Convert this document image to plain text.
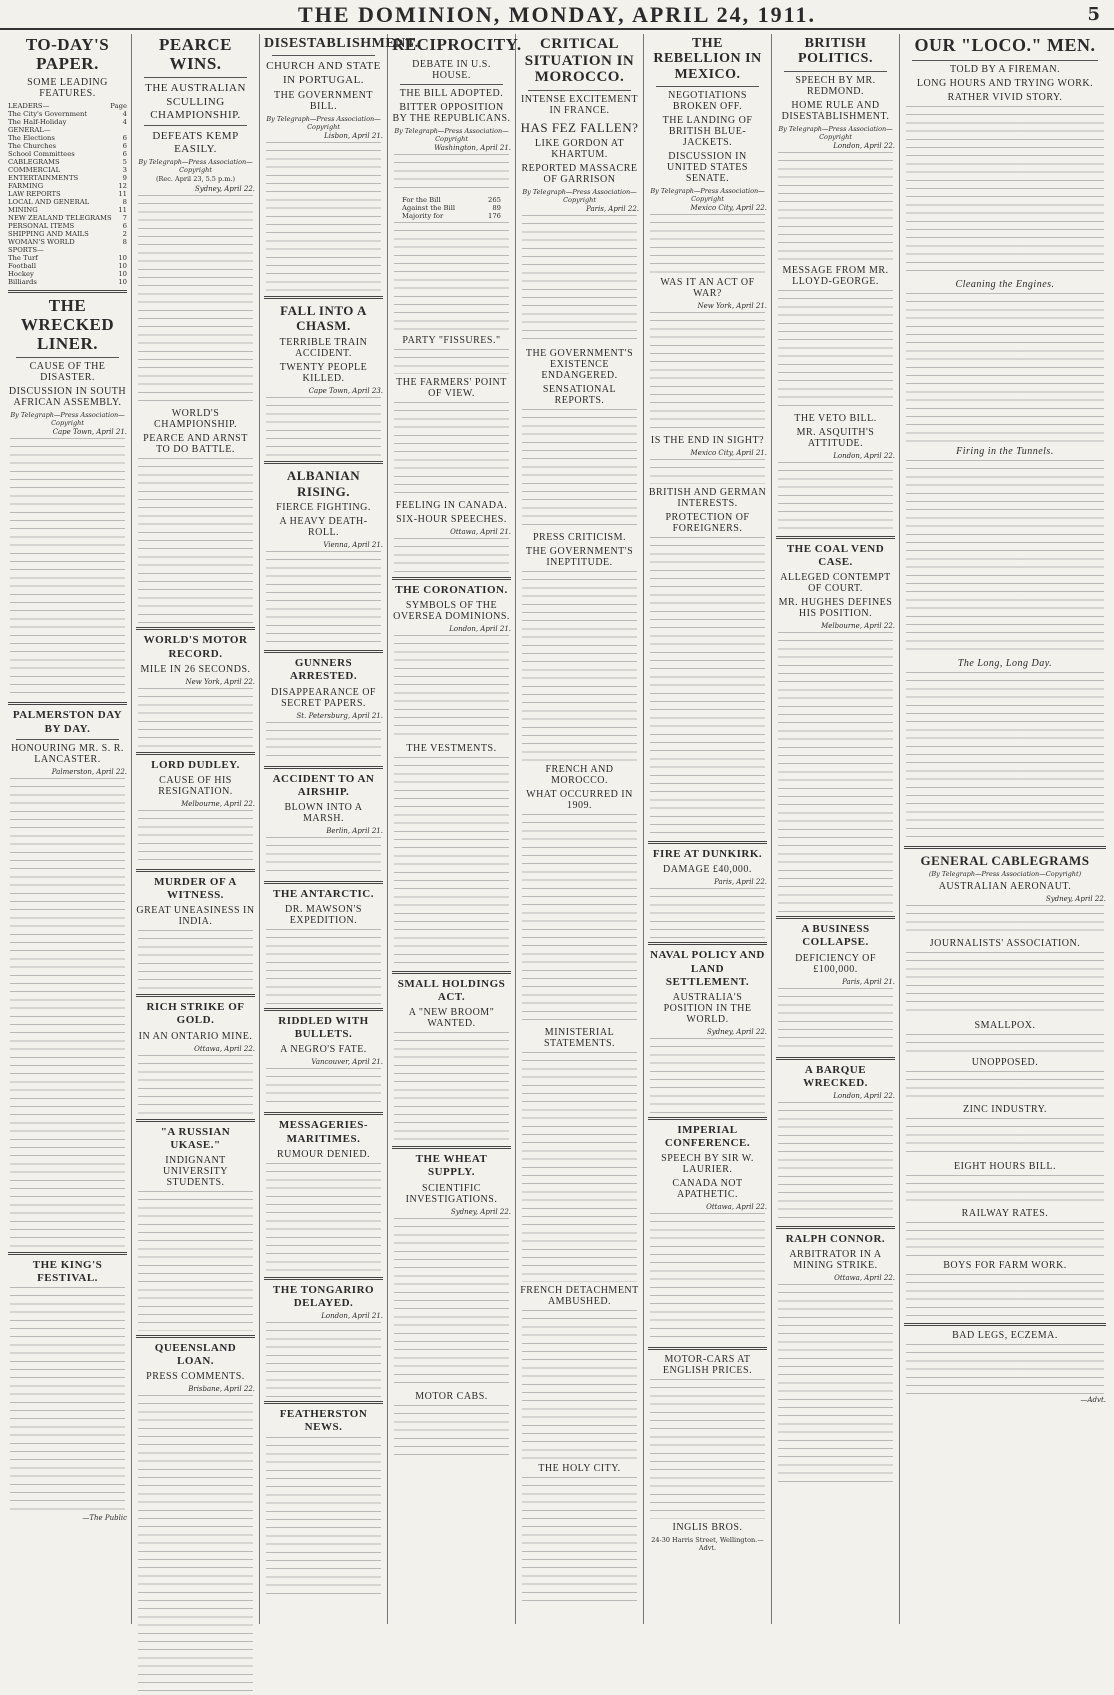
THE DOMINION, MONDAY, APRIL 24, 1911.	5
TO-DAY'S PAPER.
SOME LEADING FEATURES.
LEADERS—	Page
The City's Government	4
The Half-Holiday	4
GENERAL—
The Elections	6
The Churches	6
School Committees	6
CABLEGRAMS	5
COMMERCIAL	3
ENTERTAINMENTS	9
FARMING	12
LAW REPORTS	11
LOCAL AND GENERAL	8
MINING	11
NEW ZEALAND TELEGRAMS 7
PERSONAL ITEMS	6
SHIPPING AND MAILS	2
WOMAN'S WORLD	8
SPORTS—
The Turf	10
Football	10
Hockey	10
Billiards	10
THE WRECKED LINER.
CAUSE OF THE DISASTER.
DISCUSSION IN SOUTH AFRICAN ASSEMBLY.
By Telegraph—Press Association—Copyright
Cape Town, April 21.
PALMERSTON DAY BY DAY.
HONOURING MR. S. R. LANCASTER.
Palmerston, April 22.
THE KING'S FESTIVAL.
—The Public
PEARCE WINS.
THE AUSTRALIAN SCULLING CHAMPIONSHIP.
DEFEATS KEMP EASILY.
By Telegraph—Press Association—Copyright
(Rec. April 23, 5.5 p.m.)
Sydney, April 22.
WORLD'S CHAMPIONSHIP.
PEARCE AND ARNST TO DO BATTLE.
WORLD'S MOTOR RECORD.
MILE IN 26 SECONDS.
New York, April 22.
LORD DUDLEY.
CAUSE OF HIS RESIGNATION.
Melbourne, April 22.
MURDER OF A WITNESS.
GREAT UNEASINESS IN INDIA.
RICH STRIKE OF GOLD.
IN AN ONTARIO MINE.
Ottawa, April 22.
"A RUSSIAN UKASE."
INDIGNANT UNIVERSITY STUDENTS.
QUEENSLAND LOAN.
PRESS COMMENTS.
Brisbane, April 22.
DISESTABLISHMENT.
CHURCH AND STATE IN PORTUGAL.
THE GOVERNMENT BILL.
By Telegraph—Press Association—Copyright
Lisbon, April 21.
FALL INTO A CHASM.
TERRIBLE TRAIN ACCIDENT.
TWENTY PEOPLE KILLED.
Cape Town, April 23.
ALBANIAN RISING.
FIERCE FIGHTING.
A HEAVY DEATH-ROLL.
Vienna, April 21.
GUNNERS ARRESTED.
DISAPPEARANCE OF SECRET PAPERS.
St. Petersburg, April 21.
ACCIDENT TO AN AIRSHIP.
BLOWN INTO A MARSH.
Berlin, April 21.
THE ANTARCTIC.
DR. MAWSON'S EXPEDITION.
RIDDLED WITH BULLETS.
A NEGRO'S FATE.
Vancouver, April 21.
MESSAGERIES-MARITIMES.
RUMOUR DENIED.
THE TONGARIRO DELAYED.
London, April 21.
FEATHERSTON NEWS.
RECIPROCITY.
DEBATE IN U.S. HOUSE.
THE BILL ADOPTED.
BITTER OPPOSITION BY THE REPUBLICANS.
By Telegraph—Press Association—Copyright
Washington, April 21.
For the Bill	265
Against the Bill	89
Majority for	176
PARTY "FISSURES."
THE FARMERS' POINT OF VIEW.
FEELING IN CANADA.
SIX-HOUR SPEECHES.
Ottawa, April 21.
THE CORONATION.
SYMBOLS OF THE OVERSEA DOMINIONS.
London, April 21.
THE VESTMENTS.
SMALL HOLDINGS ACT.
A "NEW BROOM" WANTED.
THE WHEAT SUPPLY.
SCIENTIFIC INVESTIGATIONS.
Sydney, April 22.
MOTOR CABS.
CRITICAL SITUATION IN MOROCCO.
INTENSE EXCITEMENT IN FRANCE.
HAS FEZ FALLEN?
LIKE GORDON AT KHARTUM.
REPORTED MASSACRE OF GARRISON
By Telegraph—Press Association—Copyright
Paris, April 22.
THE GOVERNMENT'S EXISTENCE ENDANGERED.
SENSATIONAL REPORTS.
PRESS CRITICISM.
THE GOVERNMENT'S INEPTITUDE.
FRENCH AND MOROCCO.
WHAT OCCURRED IN 1909.
MINISTERIAL STATEMENTS.
FRENCH DETACHMENT AMBUSHED.
THE HOLY CITY.
THE REBELLION IN MEXICO.
NEGOTIATIONS BROKEN OFF.
THE LANDING OF BRITISH BLUE-JACKETS.
DISCUSSION IN UNITED STATES SENATE.
By Telegraph—Press Association—Copyright
Mexico City, April 22.
WAS IT AN ACT OF WAR?
New York, April 21.
IS THE END IN SIGHT?
Mexico City, April 21.
BRITISH AND GERMAN INTERESTS.
PROTECTION OF FOREIGNERS.
FIRE AT DUNKIRK.
DAMAGE £40,000.
Paris, April 22.
NAVAL POLICY AND LAND SETTLEMENT.
AUSTRALIA'S POSITION IN THE WORLD.
Sydney, April 22.
IMPERIAL CONFERENCE.
SPEECH BY SIR W. LAURIER.
CANADA NOT APATHETIC.
Ottawa, April 22.
MOTOR-CARS AT ENGLISH PRICES.
INGLIS BROS.
24-30 Harris Street, Wellington.—Advt.
BRITISH POLITICS.
SPEECH BY MR. REDMOND.
HOME RULE AND DISESTABLISHMENT.
By Telegraph—Press Association—Copyright
London, April 22.
MESSAGE FROM MR. LLOYD-GEORGE.
THE VETO BILL.
MR. ASQUITH'S ATTITUDE.
London, April 22.
THE COAL VEND CASE.
ALLEGED CONTEMPT OF COURT.
MR. HUGHES DEFINES HIS POSITION.
Melbourne, April 22.
A BUSINESS COLLAPSE.
DEFICIENCY OF £100,000.
Paris, April 21.
A BARQUE WRECKED.
London, April 22.
RALPH CONNOR.
ARBITRATOR IN A MINING STRIKE.
Ottawa, April 22.
OUR "LOCO." MEN.
TOLD BY A FIREMAN.
LONG HOURS AND TRYING WORK.
RATHER VIVID STORY.
Cleaning the Engines.
Firing in the Tunnels.
The Long, Long Day.
GENERAL CABLEGRAMS
(By Telegraph—Press Association—Copyright)
AUSTRALIAN AERONAUT.
Sydney, April 22.
JOURNALISTS' ASSOCIATION.
SMALLPOX.
UNOPPOSED.
ZINC INDUSTRY.
EIGHT HOURS BILL.
RAILWAY RATES.
BOYS FOR FARM WORK.
BAD LEGS, ECZEMA.
—Advt.
